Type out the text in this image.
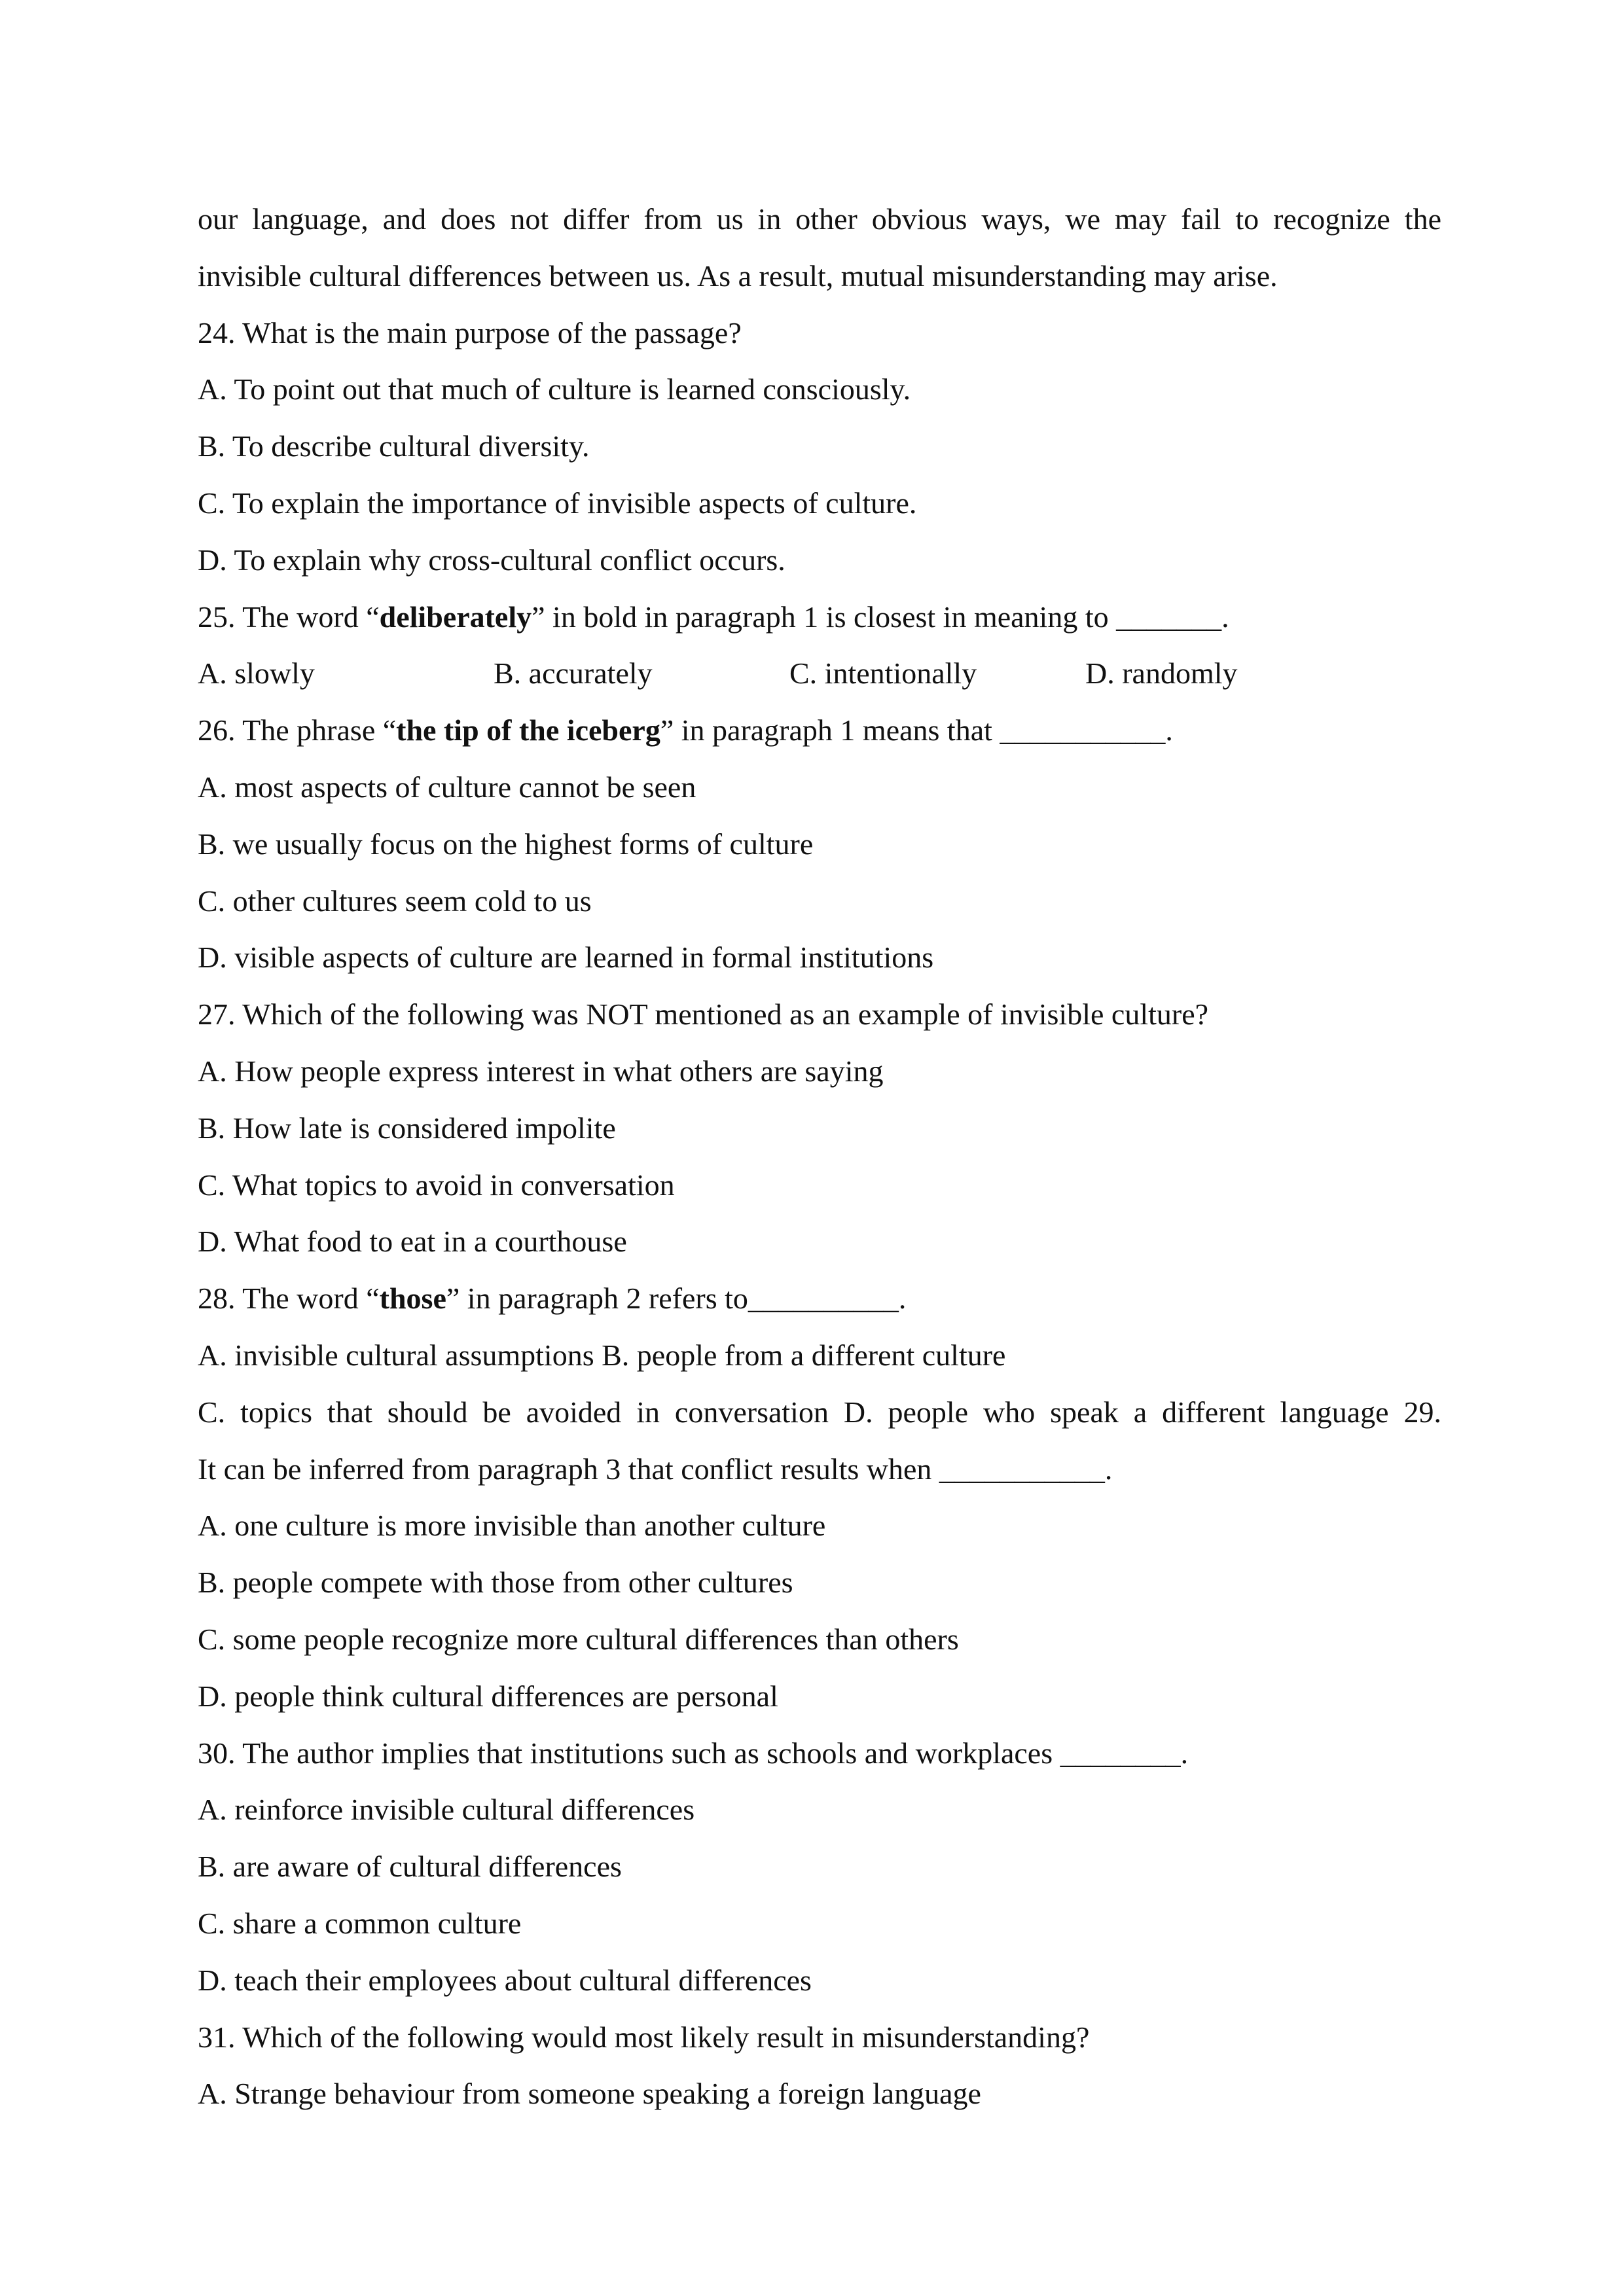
our language, and does not differ from us in other obvious ways, we may fail to recognize the
invisible cultural differences between us. As a result, mutual misunderstanding may arise.
24. What is the main purpose of the passage?
A. To point out that much of culture is learned consciously.
B. To describe cultural diversity.
C. To explain the importance of invisible aspects of culture.
D. To explain why cross-cultural conflict occurs.
25. The word “deliberately” in bold in paragraph 1 is closest in meaning to _______.
A. slowly	B. accurately	C. intentionally	D. randomly
26. The phrase “the tip of the iceberg” in paragraph 1 means that ___________.
A. most aspects of culture cannot be seen
B. we usually focus on the highest forms of culture
C. other cultures seem cold to us
D. visible aspects of culture are learned in formal institutions
27. Which of the following was NOT mentioned as an example of invisible culture?
A. How people express interest in what others are saying
B. How late is considered impolite
C. What topics to avoid in conversation
D. What food to eat in a courthouse
28. The word “those” in paragraph 2 refers to__________.
A. invisible cultural assumptions B. people from a different culture
C. topics that should be avoided in conversation D. people who speak a different language 29.
It can be inferred from paragraph 3 that conflict results when ___________.
A. one culture is more invisible than another culture
B. people compete with those from other cultures
C. some people recognize more cultural differences than others
D. people think cultural differences are personal
30. The author implies that institutions such as schools and workplaces ________.
A. reinforce invisible cultural differences
B. are aware of cultural differences
C. share a common culture
D. teach their employees about cultural differences
31. Which of the following would most likely result in misunderstanding?
A. Strange behaviour from someone speaking a foreign language
